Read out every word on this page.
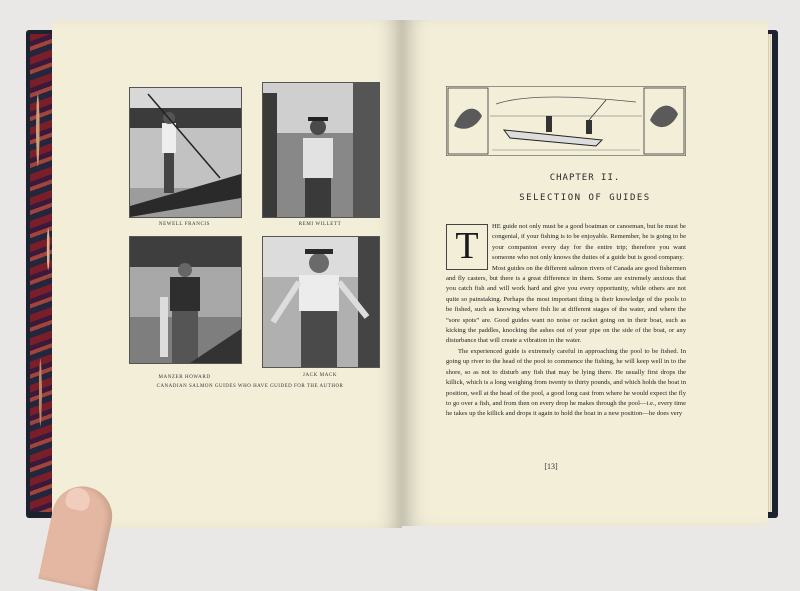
NEWELL FRANCIS	REMI WILLETT
MANZER HOWARD	JACK MACK
CANADIAN SALMON GUIDES WHO HAVE GUIDED FOR THE AUTHOR
CHAPTER II.
SELECTION OF GUIDES

T	HE guide not only must be a good boatman or canoeman, but he must be congenial, if your fishing is to be enjoyable. Remember, he is going to be your companion every day for the entire trip; therefore you want someone who not only knows the duties of a guide but is good company.

Most guides on the different salmon rivers of Canada are good fishermen and fly casters, but there is a great difference in them. Some are extremely anxious that you catch fish and will work hard and give you every opportunity, while others are not quite so painstaking. Perhaps the most important thing is their knowledge of the pools to be fished, such as knowing where fish lie at different stages of the water, and where the “sore spots” are. Good guides want no noise or racket going on in their boat, such as kicking the paddles, knocking the ashes out of your pipe on the side of the boat, or any disturbance that will create a vibration in the water.

The experienced guide is extremely careful in approaching the pool to be fished. In going up river to the head of the pool to commence the fishing, he will keep well in to the shore, so as not to disturb any fish that may be lying there. He usually first drops the killick, which is a long weighing from twenty to thirty pounds, and which holds the boat in position, well at the head of the pool, a good long cast from where he would expect the fly to go over a fish, and from then on every drop he makes through the pool—i.e., every time he takes up the killick and drops it again to hold the boat in a new position—he does very

[13]
